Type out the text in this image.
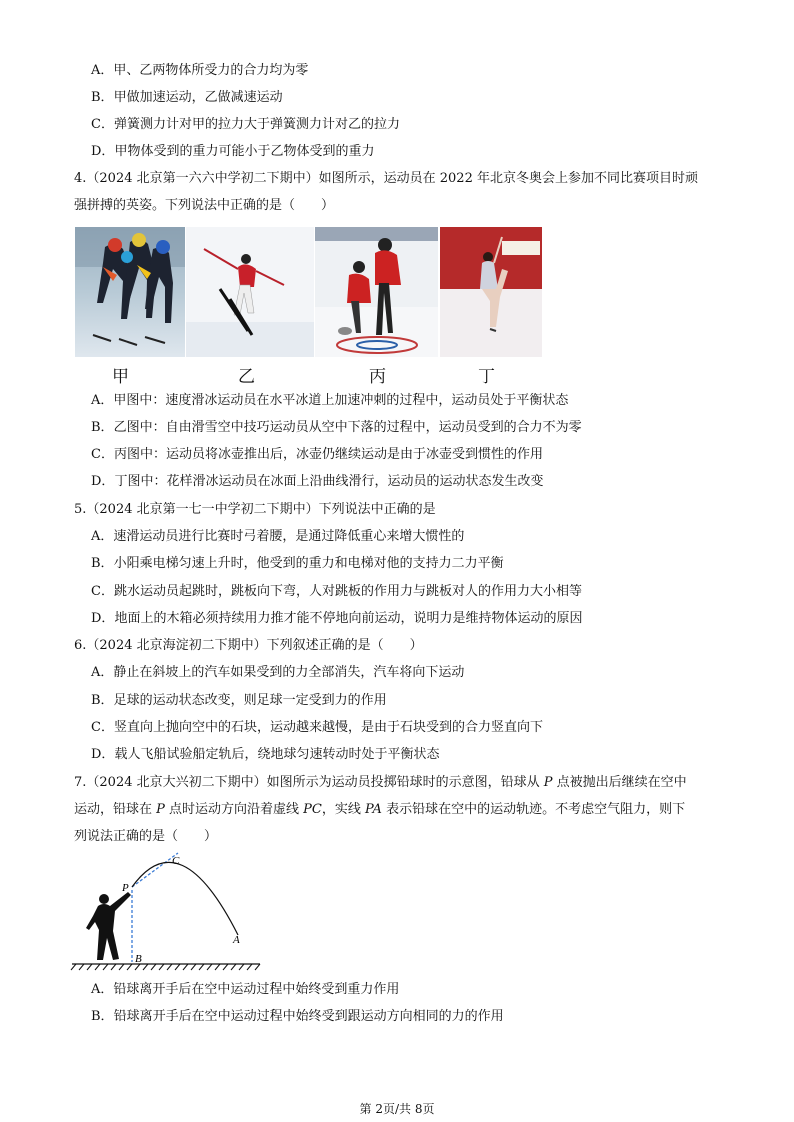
A．甲、乙两物体所受力的合力均为零
B．甲做加速运动，乙做减速运动
C．弹簧测力计对甲的拉力大于弹簧测力计对乙的拉力
D．甲物体受到的重力可能小于乙物体受到的重力
4.（2024 北京第一六六中学初二下期中）如图所示，运动员在 2022 年北京冬奥会上参加不同比赛项目时顽
强拼搏的英姿。下列说法中正确的是（　　）
甲	乙	丙	丁
A．甲图中：速度滑冰运动员在水平冰道上加速冲刺的过程中，运动员处于平衡状态
B．乙图中：自由滑雪空中技巧运动员从空中下落的过程中，运动员受到的合力不为零
C．丙图中：运动员将冰壶推出后，冰壶仍继续运动是由于冰壶受到惯性的作用
D．丁图中：花样滑冰运动员在冰面上沿曲线滑行，运动员的运动状态发生改变
5.（2024 北京第一七一中学初二下期中）下列说法中正确的是
A．速滑运动员进行比赛时弓着腰，是通过降低重心来增大惯性的
B．小阳乘电梯匀速上升时，他受到的重力和电梯对他的支持力二力平衡
C．跳水运动员起跳时，跳板向下弯，人对跳板的作用力与跳板对人的作用力大小相等
D．地面上的木箱必须持续用力推才能不停地向前运动，说明力是维持物体运动的原因
6.（2024 北京海淀初二下期中）下列叙述正确的是（　　）
A．静止在斜坡上的汽车如果受到的力全部消失，汽车将向下运动
B．足球的运动状态改变，则足球一定受到力的作用
C．竖直向上抛向空中的石块，运动越来越慢，是由于石块受到的合力竖直向下
D．载人飞船试验船定轨后，绕地球匀速转动时处于平衡状态
7.（2024 北京大兴初二下期中）如图所示为运动员投掷铅球时的示意图，铅球从 P 点被抛出后继续在空中
运动，铅球在 P 点时运动方向沿着虚线 PC，实线 PA 表示铅球在空中的运动轨迹。不考虑空气阻力，则下
列说法正确的是（　　）
C
P
A
B
A．铅球离开手后在空中运动过程中始终受到重力作用
B．铅球离开手后在空中运动过程中始终受到跟运动方向相同的力的作用
第 2页/共 8页
